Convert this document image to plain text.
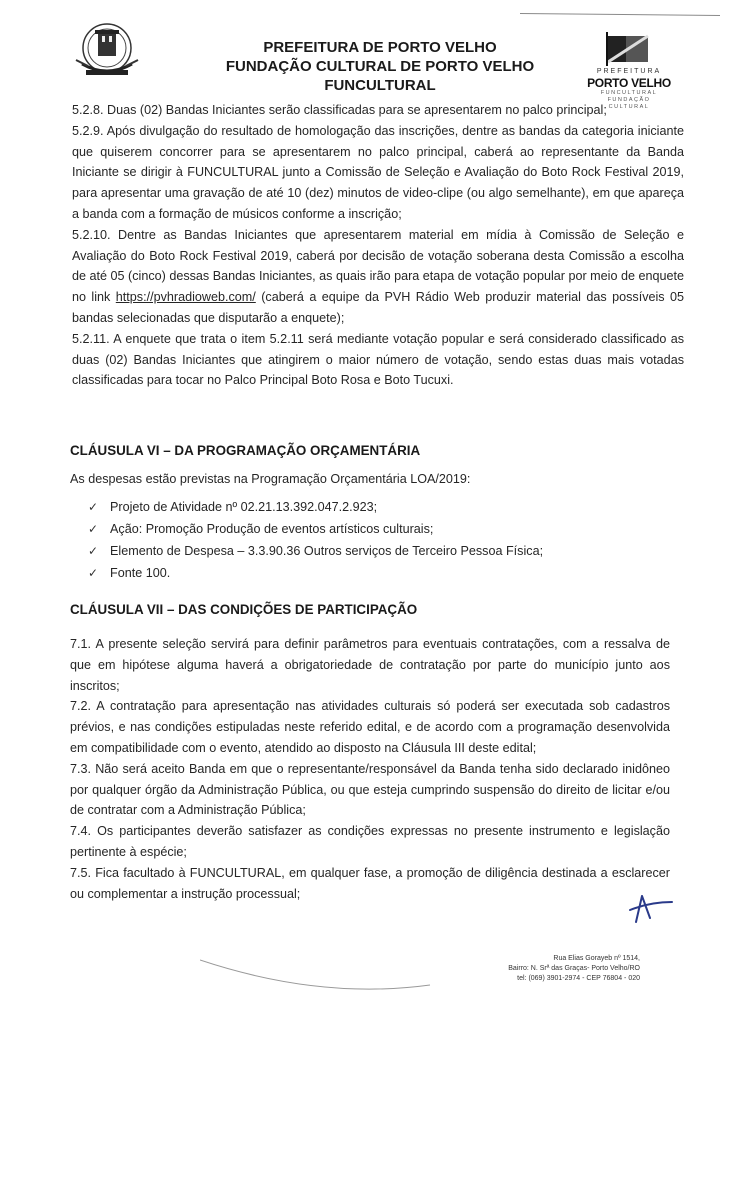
PREFEITURA DE PORTO VELHO
FUNDAÇÃO CULTURAL DE PORTO VELHO
FUNCULTURAL
PREFEITURA
PORTO VELHO
FUNCULTURAL
FUNDAÇÃO
CULTURAL

5.2.8. Duas (02) Bandas Iniciantes serão classificadas para se apresentarem no palco principal;

5.2.9. Após divulgação do resultado de homologação das inscrições, dentre as bandas da categoria iniciante que quiserem concorrer para se apresentarem no palco principal, caberá ao representante da Banda Iniciante se dirigir à FUNCULTURAL junto a Comissão de Seleção e Avaliação do Boto Rock Festival 2019, para apresentar uma gravação de até 10 (dez) minutos de video-clipe (ou algo semelhante), em que apareça a banda com a formação de músicos conforme a inscrição;

5.2.10. Dentre as Bandas Iniciantes que apresentarem material em mídia à Comissão de Seleção e Avaliação do Boto Rock Festival 2019, caberá por decisão de votação soberana desta Comissão a escolha de até 05 (cinco) dessas Bandas Iniciantes, as quais irão para etapa de votação popular por meio de enquete no link https://pvhradioweb.com/ (caberá a equipe da PVH Rádio Web produzir material das possíveis 05 bandas selecionadas que disputarão a enquete);

5.2.11. A enquete que trata o item 5.2.11 será mediante votação popular e será considerado classificado as duas (02) Bandas Iniciantes que atingirem o maior número de votação, sendo estas duas mais votadas classificadas para tocar no Palco Principal Boto Rosa e Boto Tucuxi.

CLÁUSULA VI – DA PROGRAMAÇÃO ORÇAMENTÁRIA
As despesas estão previstas na Programação Orçamentária LOA/2019:
✓ Projeto de Atividade nº 02.21.13.392.047.2.923;
✓ Ação: Promoção Produção de eventos artísticos culturais;
✓ Elemento de Despesa – 3.3.90.36 Outros serviços de Terceiro Pessoa Física;
✓ Fonte 100.
CLÁUSULA VII – DAS CONDIÇÕES DE PARTICIPAÇÃO

7.1. A presente seleção servirá para definir parâmetros para eventuais contratações, com a ressalva de que em hipótese alguma haverá a obrigatoriedade de contratação por parte do município junto aos inscritos;

7.2. A contratação para apresentação nas atividades culturais só poderá ser executada sob cadastros prévios, e nas condições estipuladas neste referido edital, e de acordo com a programação desenvolvida em compatibilidade com o evento, atendido ao disposto na Cláusula III deste edital;

7.3. Não será aceito Banda em que o representante/responsável da Banda tenha sido declarado inidôneo por qualquer órgão da Administração Pública, ou que esteja cumprindo suspensão do direito de licitar e/ou de contratar com a Administração Pública;

7.4. Os participantes deverão satisfazer as condições expressas no presente instrumento e legislação pertinente à espécie;

7.5. Fica facultado à FUNCULTURAL, em qualquer fase, a promoção de diligência destinada a esclarecer ou complementar a instrução processual;

Rua Elias Gorayeb nº 1514,
Bairro: N. Srª das Graças- Porto Velho/RO
tel: (069) 3901-2974 - CEP 76804 - 020
